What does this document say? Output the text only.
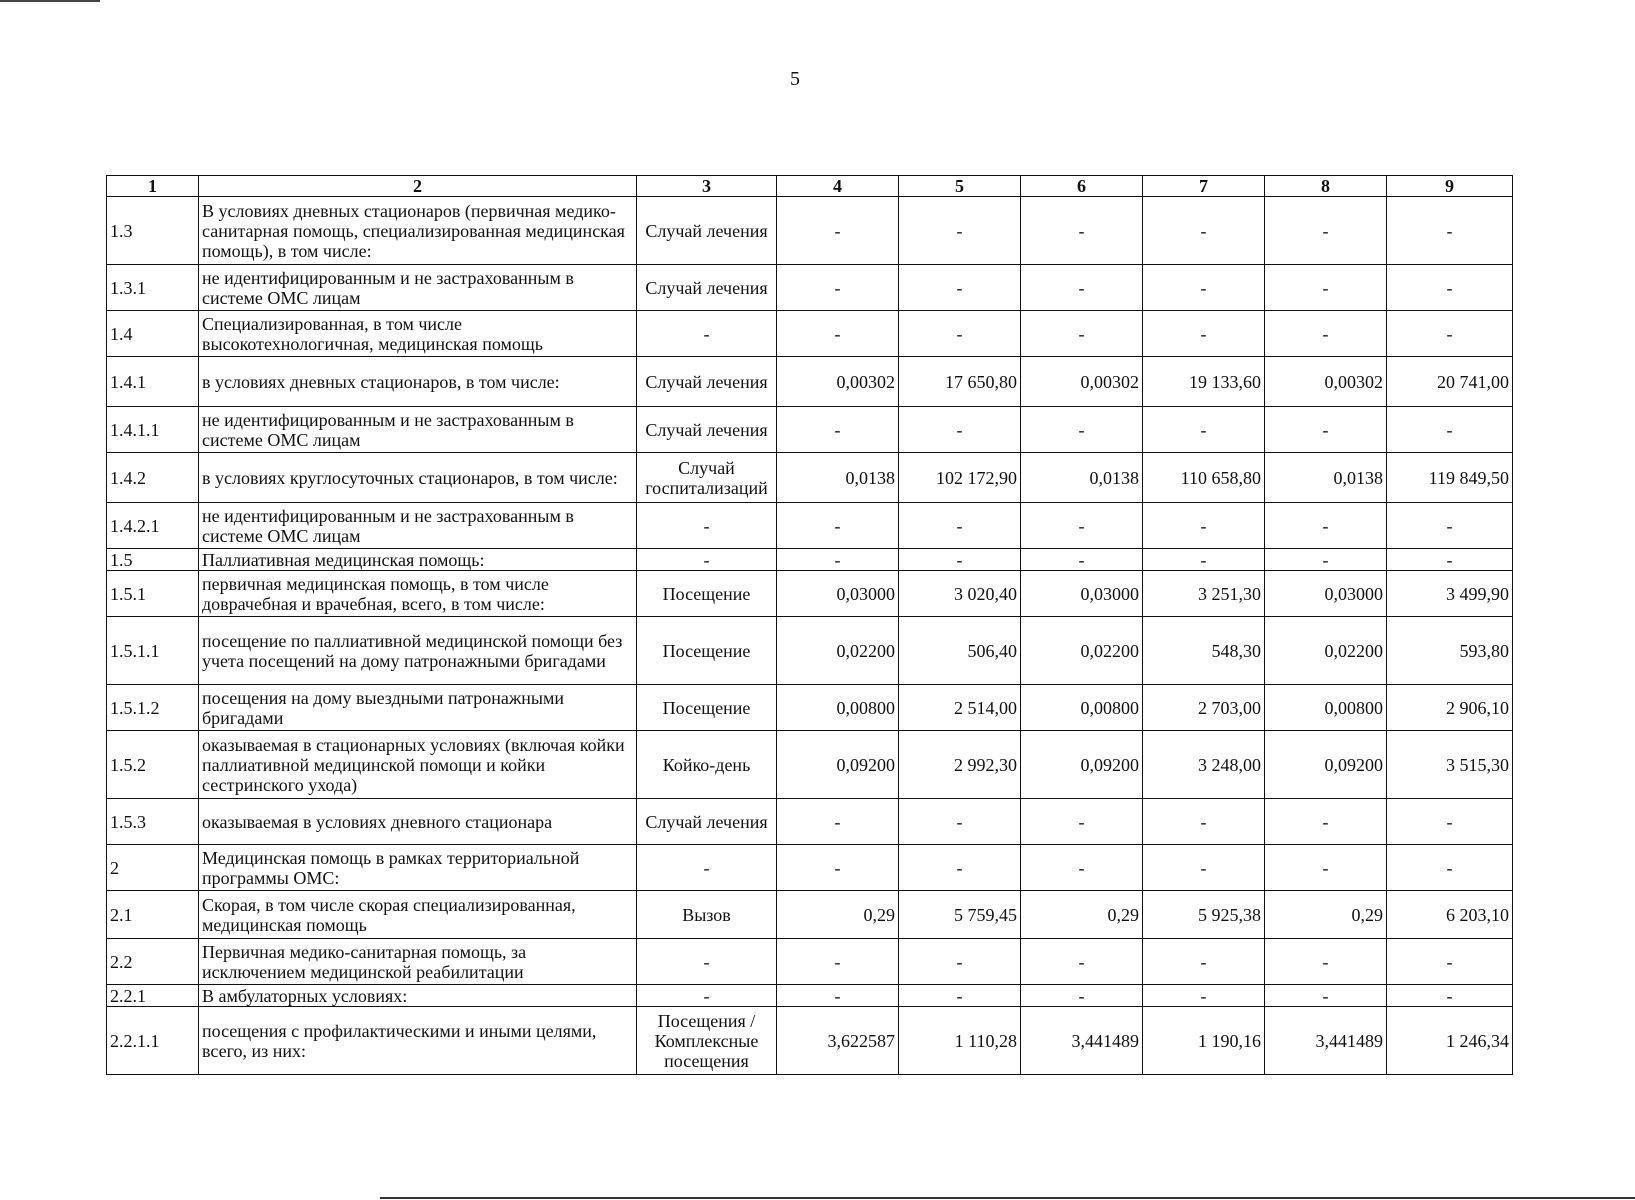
5
1	2	3	4	5	6	7	8	9
1.3	В условиях дневных стационаров (первичная медико-санитарная помощь, специализированная медицинская помощь), в том числе:	Случай лечения	-	-	-	-	-	-
1.3.1	не идентифицированным и не застрахованным в системе ОМС лицам	Случай лечения	-	-	-	-	-	-
1.4	Специализированная, в том числе высокотехнологичная, медицинская помощь	-	-	-	-	-	-	-
1.4.1	в условиях дневных стационаров, в том числе:	Случай лечения	0,00302	17 650,80	0,00302	19 133,60	0,00302	20 741,00
1.4.1.1	не идентифицированным и не застрахованным в системе ОМС лицам	Случай лечения	-	-	-	-	-	-
1.4.2	в условиях круглосуточных стационаров, в том числе:	Случай госпитализаций	0,0138	102 172,90	0,0138	110 658,80	0,0138	119 849,50
1.4.2.1	не идентифицированным и не застрахованным в системе ОМС лицам	-	-	-	-	-	-	-
1.5	Паллиативная медицинская помощь:	-	-	-	-	-	-	-
1.5.1	первичная медицинская помощь, в том числе доврачебная и врачебная, всего, в том числе:	Посещение	0,03000	3 020,40	0,03000	3 251,30	0,03000	3 499,90
1.5.1.1	посещение по паллиативной медицинской помощи без учета посещений на дому патронажными бригадами	Посещение	0,02200	506,40	0,02200	548,30	0,02200	593,80
1.5.1.2	посещения на дому выездными патронажными бригадами	Посещение	0,00800	2 514,00	0,00800	2 703,00	0,00800	2 906,10
1.5.2	оказываемая в стационарных условиях (включая койки паллиативной медицинской помощи и койки сестринского ухода)	Койко-день	0,09200	2 992,30	0,09200	3 248,00	0,09200	3 515,30
1.5.3	оказываемая в условиях дневного стационара	Случай лечения	-	-	-	-	-	-
2	Медицинская помощь в рамках территориальной программы ОМС:	-	-	-	-	-	-	-
2.1	Скорая, в том числе скорая специализированная, медицинская помощь	Вызов	0,29	5 759,45	0,29	5 925,38	0,29	6 203,10
2.2	Первичная медико-санитарная помощь, за исключением медицинской реабилитации	-	-	-	-	-	-	-
2.2.1	В амбулаторных условиях:	-	-	-	-	-	-	-
2.2.1.1	посещения с профилактическими и иными целями, всего, из них:	Посещения / Комплексные посещения	3,622587	1 110,28	3,441489	1 190,16	3,441489	1 246,34
